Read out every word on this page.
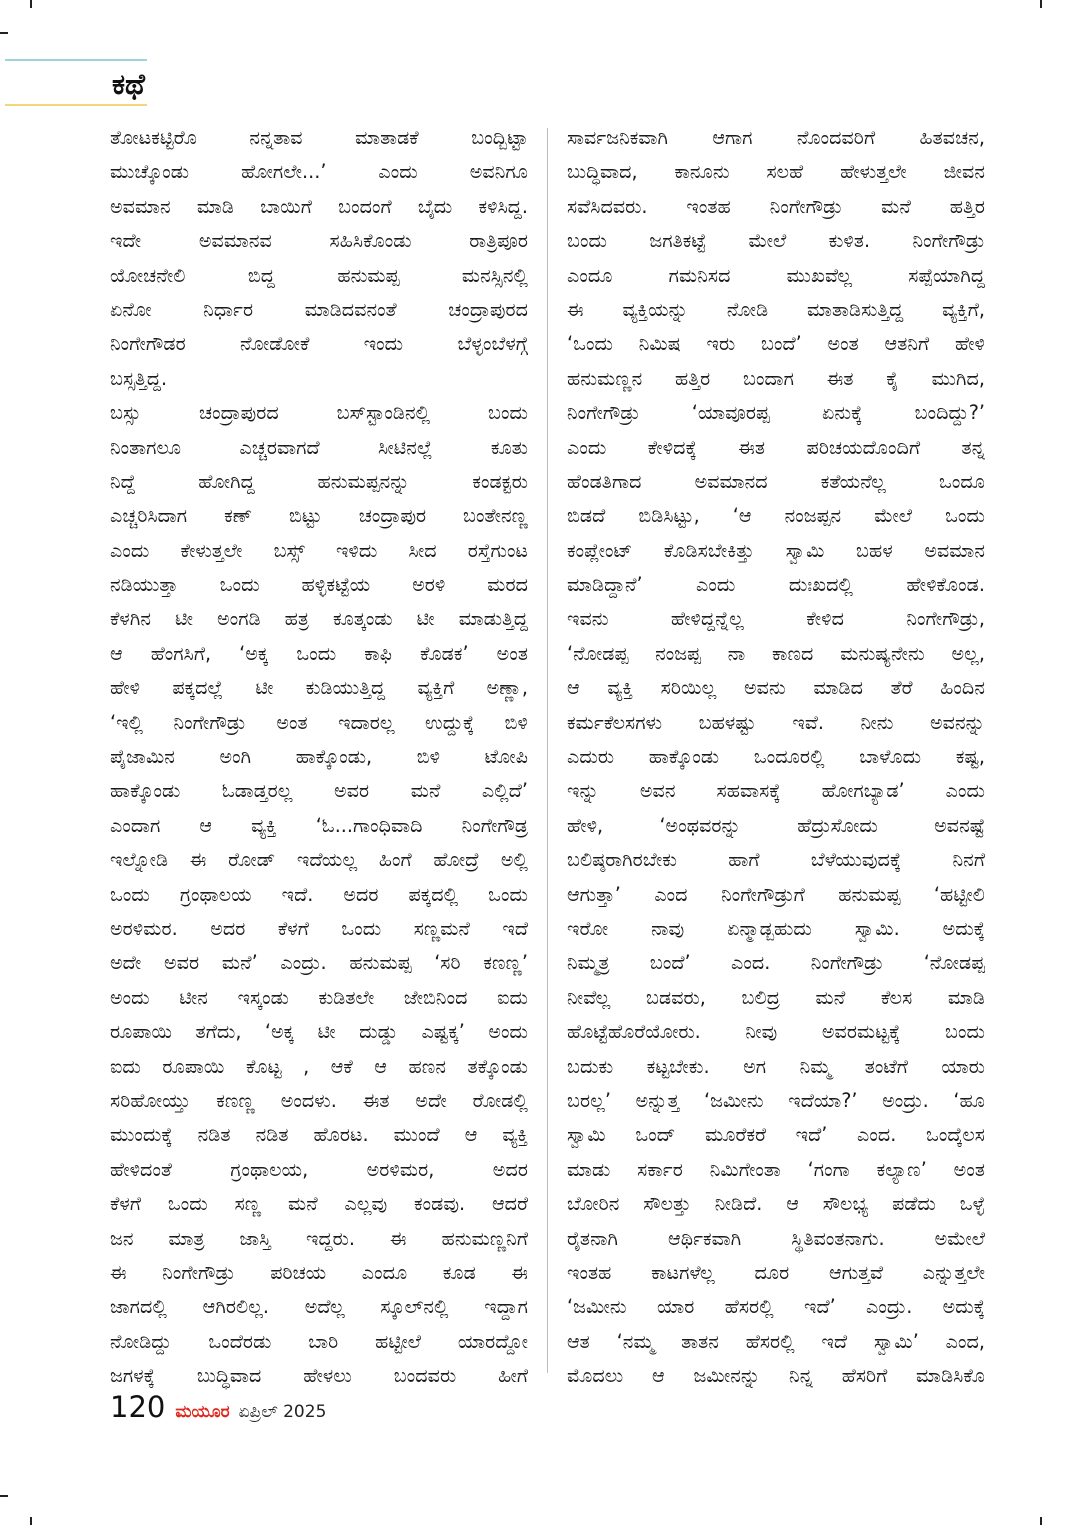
ಕಥೆ
ತೋಟಕಟ್ಟಿರೊ ನನ್ನತಾವ ಮಾತಾಡಕೆ ಬಂದ್ಬಿಟ್ಟಾ
ಮುಚ್ಕೊಂಡು ಹೋಗಲೇ...’ ಎಂದು ಅವನಿಗೂ
ಅವಮಾನ ಮಾಡಿ ಬಾಯಿಗೆ ಬಂದಂಗೆ ಬೈದು ಕಳಿಸಿದ್ದ.
ಇದೇ ಅವಮಾನವ ಸಹಿಸಿಕೊಂಡು ರಾತ್ರಿಪೂರ
ಯೋಚನೇಲಿ ಬಿದ್ದ ಹನುಮಪ್ಪ ಮನಸ್ಸಿನಲ್ಲಿ
ಏನೋ ನಿರ್ಧಾರ ಮಾಡಿದವನಂತೆ ಚಂದ್ರಾಪುರದ
ನಿಂಗೇಗೌಡರ ನೋಡೋಕೆ ಇಂದು ಬೆಳ್ಳಂಬೆಳಗ್ಗೆ
ಬಸ್ಸತ್ತಿದ್ದ.
ಬಸ್ಸು ಚಂದ್ರಾಪುರದ ಬಸ್‌ಸ್ಟಾಂಡಿನಲ್ಲಿ ಬಂದು
ನಿಂತಾಗಲೂ ಎಚ್ಚರವಾಗದೆ ಸೀಟಿನಲ್ಲೆ ಕೂತು
ನಿದ್ದೆ ಹೋಗಿದ್ದ ಹನುಮಪ್ಪನನ್ನು ಕಂಡಕ್ಟರು
ಎಚ್ಚರಿಸಿದಾಗ ಕಣ್ ಬಿಟ್ಟು ಚಂದ್ರಾಪುರ ಬಂತೇನಣ್ಣ
ಎಂದು ಕೇಳುತ್ತಲೇ ಬಸ್ಸ್ ಇಳಿದು ಸೀದ ರಸ್ತೆಗುಂಟ
ನಡಿಯುತ್ತಾ ಒಂದು ಹಳ್ಳಿಕಟ್ಟೆಯ ಅರಳಿ ಮರದ
ಕೆಳಗಿನ ಟೀ ಅಂಗಡಿ ಹತ್ರ ಕೂತ್ಕಂಡು ಟೀ ಮಾಡುತ್ತಿದ್ದ
ಆ ಹೆಂಗಸಿಗೆ, ‘ಅಕ್ಕ ಒಂದು ಕಾಫಿ ಕೊಡಕ’ ಅಂತ
ಹೇಳಿ ಪಕ್ಕದಲ್ಲೆ ಟೀ ಕುಡಿಯುತ್ತಿದ್ದ ವ್ಯಕ್ತಿಗೆ ಅಣ್ಣಾ,
‘ಇಲ್ಲಿ ನಿಂಗೇಗೌಡ್ರು ಅಂತ ಇದಾರಲ್ಲ ಉದ್ದುಕ್ಕೆ ಬಿಳಿ
ಪೈಜಾಮಿನ ಅಂಗಿ ಹಾಕ್ಕೊಂಡು, ಬಿಳಿ ಟೋಪಿ
ಹಾಕ್ಕೊಂಡು ಓಡಾಡ್ತರಲ್ಲ ಅವರ ಮನೆ ಎಲ್ಲಿದೆ’
ಎಂದಾಗ ಆ ವ್ಯಕ್ತಿ ‘ಓ...ಗಾಂಧಿವಾದಿ ನಿಂಗೇಗೌಡ್ರ
ಇಲ್ನೋಡಿ ಈ ರೋಡ್ ಇದೆಯಲ್ಲ ಹಿಂಗೆ ಹೋದ್ರೆ ಅಲ್ಲಿ
ಒಂದು ಗ್ರಂಥಾಲಯ ಇದೆ. ಅದರ ಪಕ್ಕದಲ್ಲಿ ಒಂದು
ಅರಳಿಮರ. ಅದರ ಕೆಳಗೆ ಒಂದು ಸಣ್ಣಮನೆ ಇದೆ
ಅದೇ ಅವರ ಮನೆ’ ಎಂದ್ರು. ಹನುಮಪ್ಪ ‘ಸರಿ ಕಣಣ್ಣ’
ಅಂದು ಟೀನ ಇಸ್ಕಂಡು ಕುಡಿತಲೇ ಜೇಬಿನಿಂದ ಐದು
ರೂಪಾಯಿ ತಗೆದು, ‘ಅಕ್ಕ ಟೀ ದುಡ್ಡು ಎಷ್ಟಕ್ಕ’ ಅಂದು
ಐದು ರೂಪಾಯಿ ಕೊಟ್ಟ , ಆಕೆ ಆ ಹಣನ ತಕ್ಕೊಂಡು
ಸರಿಹೋಯ್ತು ಕಣಣ್ಣ ಅಂದಳು. ಈತ ಅದೇ ರೋಡಲ್ಲಿ
ಮುಂದುಕ್ಕೆ ನಡಿತ ನಡಿತ ಹೊರಟ. ಮುಂದೆ ಆ ವ್ಯಕ್ತಿ
ಹೇಳಿದಂತೆ ಗ್ರಂಥಾಲಯ, ಅರಳಿಮರ, ಅದರ
ಕೆಳಗೆ ಒಂದು ಸಣ್ಣ ಮನೆ ಎಲ್ಲವು ಕಂಡವು. ಆದರೆ
ಜನ ಮಾತ್ರ ಜಾಸ್ತಿ ಇದ್ದರು. ಈ ಹನುಮಣ್ಣನಿಗೆ
ಈ ನಿಂಗೇಗೌಡ್ರು ಪರಿಚಯ ಎಂದೂ ಕೂಡ ಈ
ಜಾಗದಲ್ಲಿ ಆಗಿರಲಿಲ್ಲ. ಅದೆಲ್ಲ ಸ್ಕೂಲ್‌ನಲ್ಲಿ ಇದ್ದಾಗ
ನೋಡಿದ್ದು ಒಂದೆರಡು ಬಾರಿ ಹಟ್ಟೀಲೆ ಯಾರದ್ದೋ
ಜಗಳಕ್ಕೆ ಬುದ್ಧಿವಾದ ಹೇಳಲು ಬಂದವರು ಹೀಗೆ
ಸಾರ್ವಜನಿಕವಾಗಿ ಆಗಾಗ ನೊಂದವರಿಗೆ ಹಿತವಚನ,
ಬುದ್ಧಿವಾದ, ಕಾನೂನು ಸಲಹೆ ಹೇಳುತ್ತಲೇ ಜೀವನ
ಸವೆಸಿದವರು. ಇಂತಹ ನಿಂಗೇಗೌಡ್ರು ಮನೆ ಹತ್ತಿರ
ಬಂದು ಜಗತಿಕಟ್ಟೆ ಮೇಲೆ ಕುಳಿತ. ನಿಂಗೇಗೌಡ್ರು
ಎಂದೂ ಗಮನಿಸದ ಮುಖವೆಲ್ಲ ಸಪ್ಪೆಯಾಗಿದ್ದ
ಈ ವ್ಯಕ್ತಿಯನ್ನು ನೋಡಿ ಮಾತಾಡಿಸುತ್ತಿದ್ದ ವ್ಯಕ್ತಿಗೆ,
‘ಒಂದು ನಿಮಿಷ ಇರು ಬಂದೆ’ ಅಂತ ಆತನಿಗೆ ಹೇಳಿ
ಹನುಮಣ್ಣನ ಹತ್ತಿರ ಬಂದಾಗ ಈತ ಕೈ ಮುಗಿದ,
ನಿಂಗೇಗೌಡ್ರು ‘ಯಾವೂರಪ್ಪ ಏನುಕ್ಕೆ ಬಂದಿದ್ದು?’
ಎಂದು ಕೇಳಿದಕ್ಕೆ ಈತ ಪರಿಚಯದೊಂದಿಗೆ ತನ್ನ
ಹೆಂಡತಿಗಾದ ಅವಮಾನದ ಕತೆಯನೆಲ್ಲ ಒಂದೂ
ಬಿಡದೆ ಬಿಡಿಸಿಟ್ಟು, ‘ಆ ನಂಜಪ್ಪನ ಮೇಲೆ ಒಂದು
ಕಂಪ್ಲೇಂಟ್ ಕೊಡಿಸಬೇಕಿತ್ತು ಸ್ವಾಮಿ ಬಹಳ ಅವಮಾನ
ಮಾಡಿದ್ದಾನೆ’ ಎಂದು ದುಃಖದಲ್ಲಿ ಹೇಳಿಕೊಂಡ.
ಇವನು ಹೇಳಿದ್ದನ್ನೆಲ್ಲ ಕೇಳಿದ ನಿಂಗೇಗೌಡ್ರು,
‘ನೋಡಪ್ಪ ನಂಜಪ್ಪ ನಾ ಕಾಣದ ಮನುಷ್ಯನೇನು ಅಲ್ಲ,
ಆ ವ್ಯಕ್ತಿ ಸರಿಯಿಲ್ಲ ಅವನು ಮಾಡಿದ ತೆರೆ ಹಿಂದಿನ
ಕರ್ಮಕೆಲಸಗಳು ಬಹಳಷ್ಟು ಇವೆ. ನೀನು ಅವನನ್ನು
ಎದುರು ಹಾಕ್ಕೊಂಡು ಒಂದೂರಲ್ಲಿ ಬಾಳೊದು ಕಷ್ಟ,
ಇನ್ನು ಅವನ ಸಹವಾಸಕ್ಕೆ ಹೋಗಬ್ಯಾಡ’ ಎಂದು
ಹೇಳಿ, ‘ಅಂಥವರನ್ನು ಹೆದ್ರುಸೋದು ಅವನಷ್ಟೆ
ಬಲಿಷ್ಠರಾಗಿರಬೇಕು ಹಾಗೆ ಬೆಳೆಯುವುದಕ್ಕೆ ನಿನಗೆ
ಆಗುತ್ತಾ’ ಎಂದ ನಿಂಗೇಗೌಡ್ರುಗೆ ಹನುಮಪ್ಪ ‘ಹಟ್ಟೀಲಿ
ಇರೋ ನಾವು ಏನ್ಮಾಡ್ಬಹುದು ಸ್ವಾಮಿ. ಅದುಕ್ಕೆ
ನಿಮ್ಮತ್ರ ಬಂದೆ’ ಎಂದ. ನಿಂಗೇಗೌಡ್ರು ‘ನೋಡಪ್ಪ
ನೀವೆಲ್ಲ ಬಡವರು, ಬಲಿದ್ರ ಮನೆ ಕೆಲಸ ಮಾಡಿ
ಹೊಟ್ಟೆಹೊರೆಯೋರು. ನೀವು ಅವರಮಟ್ಟಕ್ಕೆ ಬಂದು
ಬದುಕು ಕಟ್ಟಬೇಕು. ಅಗ ನಿಮ್ಮ ತಂಟೆಗೆ ಯಾರು
ಬರಲ್ಲ’ ಅನ್ನುತ್ತ ‘ಜಮೀನು ಇದೆಯಾ?’ ಅಂದ್ರು. ‘ಹೂ
ಸ್ವಾಮಿ ಒಂದ್ ಮೂರೆಕರೆ ಇದೆ’ ಎಂದ. ಒಂದ್ಕೆಲಸ
ಮಾಡು ಸರ್ಕಾರ ನಿಮಿಗೇಂತಾ ‘ಗಂಗಾ ಕಲ್ಯಾಣ’ ಅಂತ
ಬೋರಿನ ಸೌಲತ್ತು ನೀಡಿದೆ. ಆ ಸೌಲಭ್ಯ ಪಡೆದು ಒಳ್ಳೆ
ರೈತನಾಗಿ ಆರ್ಥಿಕವಾಗಿ ಸ್ಥಿತಿವಂತನಾಗು. ಅಮೇಲೆ
ಇಂತಹ ಕಾಟಗಳೆಲ್ಲ ದೂರ ಆಗುತ್ತವೆ ಎನ್ನುತ್ತಲೇ
‘ಜಮೀನು ಯಾರ ಹೆಸರಲ್ಲಿ ಇದೆ’ ಎಂದ್ರು. ಅದುಕ್ಕೆ
ಆತ ‘ನಮ್ಮ ತಾತನ ಹೆಸರಲ್ಲಿ ಇದೆ ಸ್ವಾಮಿ’ ಎಂದ,
ಮೊದಲು ಆ ಜಮೀನನ್ನು ನಿನ್ನ ಹೆಸರಿಗೆ ಮಾಡಿಸಿಕೊ
120 ಮಯೂರ ಏಪ್ರಿಲ್ 2025
